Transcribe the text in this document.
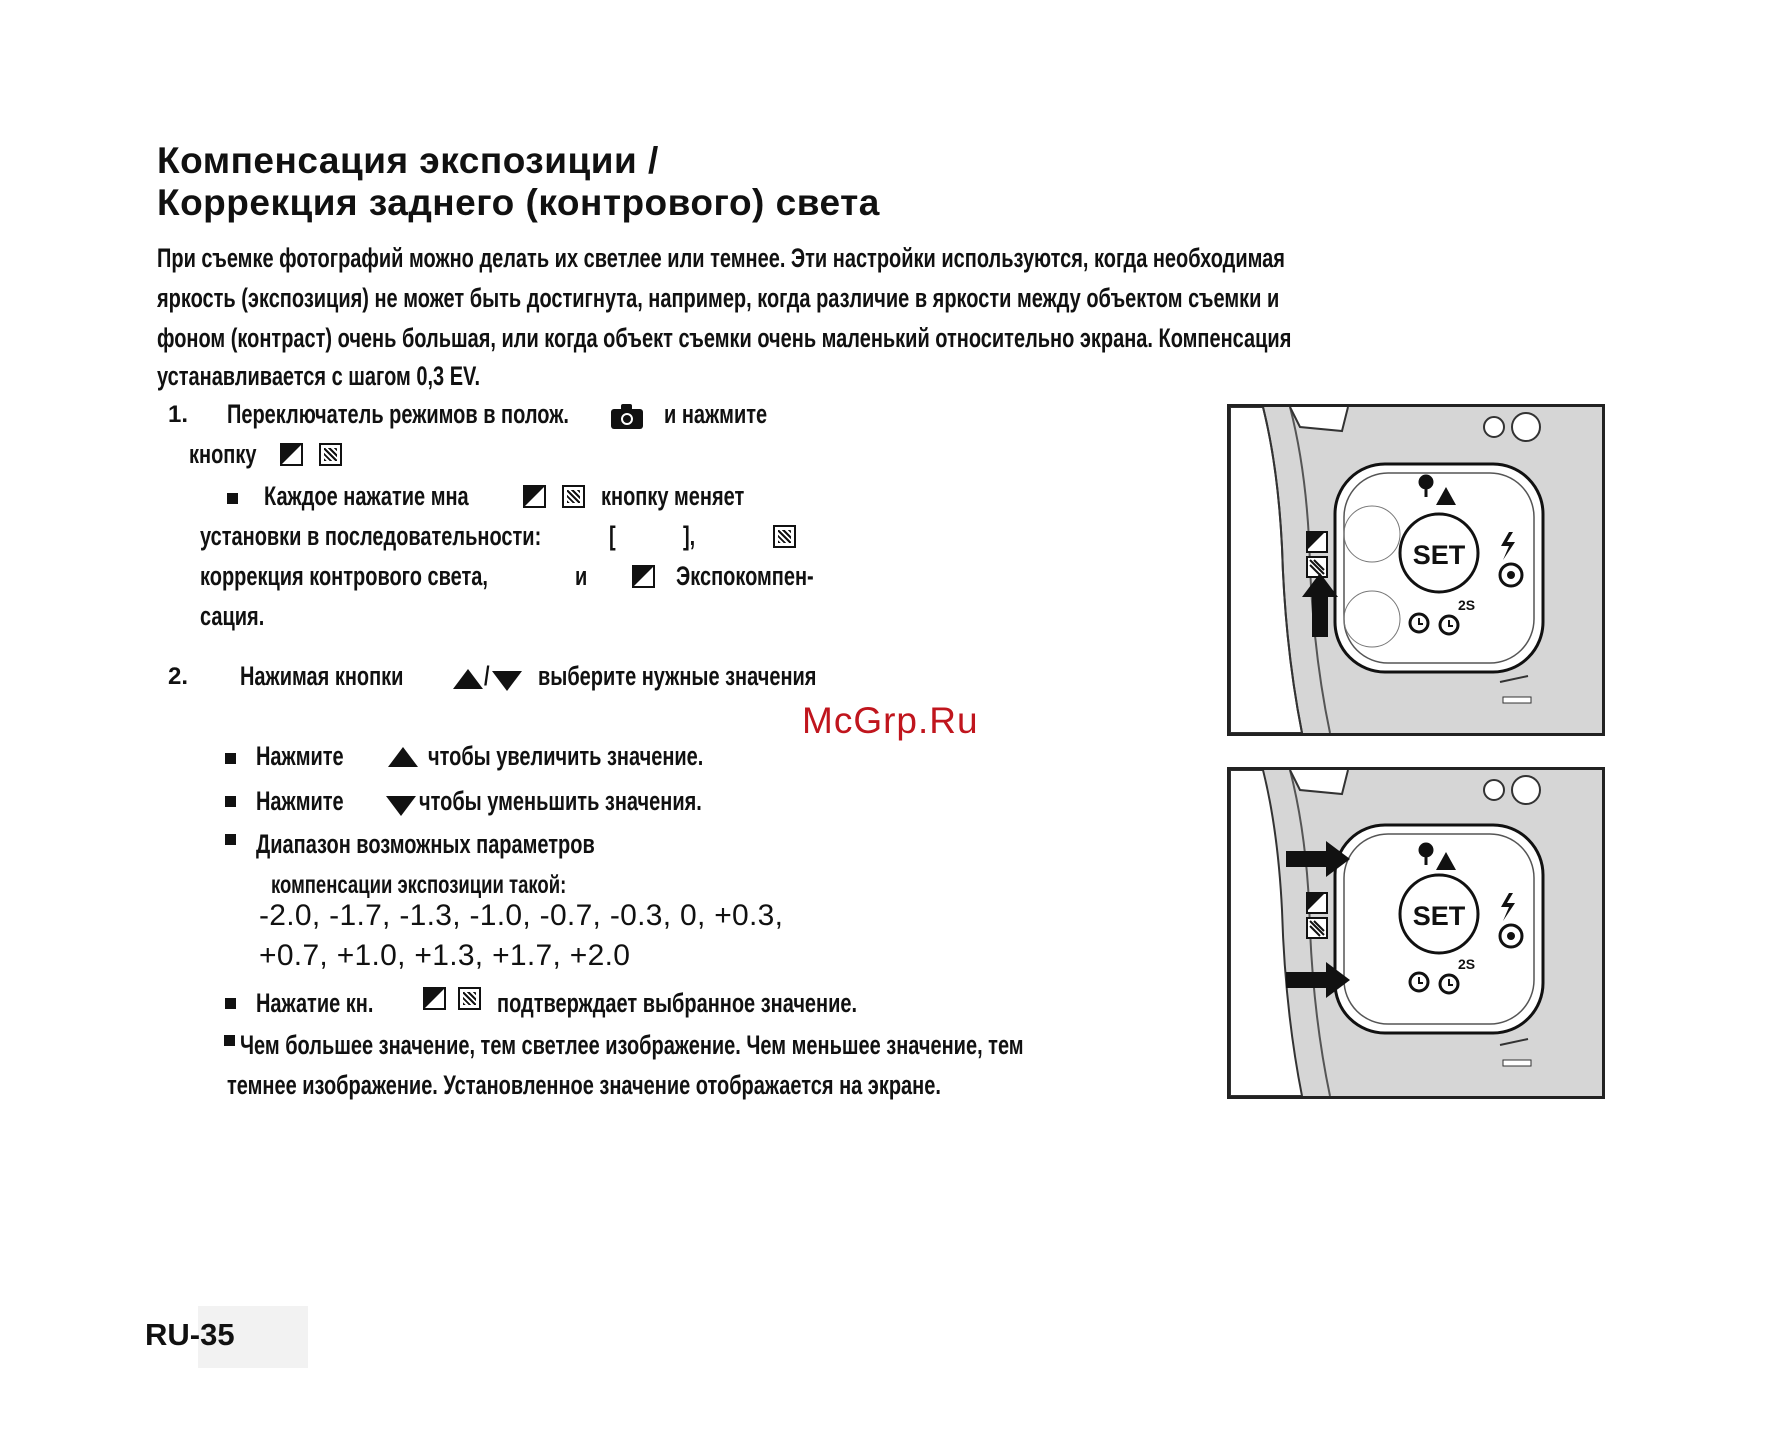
Компенсация экспозиции /
Коррекция заднего (контрового) света
При съемке фотографий можно делать их светлее или темнее. Эти настройки используются, когда необходимая
яркость (экспозиция) не может быть достигнута, например, когда различие в яркости между объектом съемки и
фоном (контраст) очень большая, или когда объект съемки очень маленький относительно экрана. Компенсация
устанавливается с шагом 0,3 EV.
1. Переключатель режимов в полож.	и нажмите
кнопку
Каждое нажатие мна	кнопку меняет
установки в последовательности:	[ ],
коррекция контрового света,	и	Экспокомпен-
сация.
2. Нажимая кнопки	/ выберите нужные значения
Нажмите	чтобы увеличить значение.
Нажмите	чтобы уменьшить значения.
Диапазон возможных параметров
компенсации экспозиции такой:
-2.0, -1.7, -1.3, -1.0, -0.7, -0.3, 0, +0.3,
+0.7, +1.0, +1.3, +1.7, +2.0
Нажатие кн.	подтверждает выбранное значение.
Чем большее значение, тем светлее изображение. Чем меньшее значение, тем
темнее изображение. Установленное значение отображается на экране.
McGrp.Ru
2S
SET
2S
SET
RU-35
